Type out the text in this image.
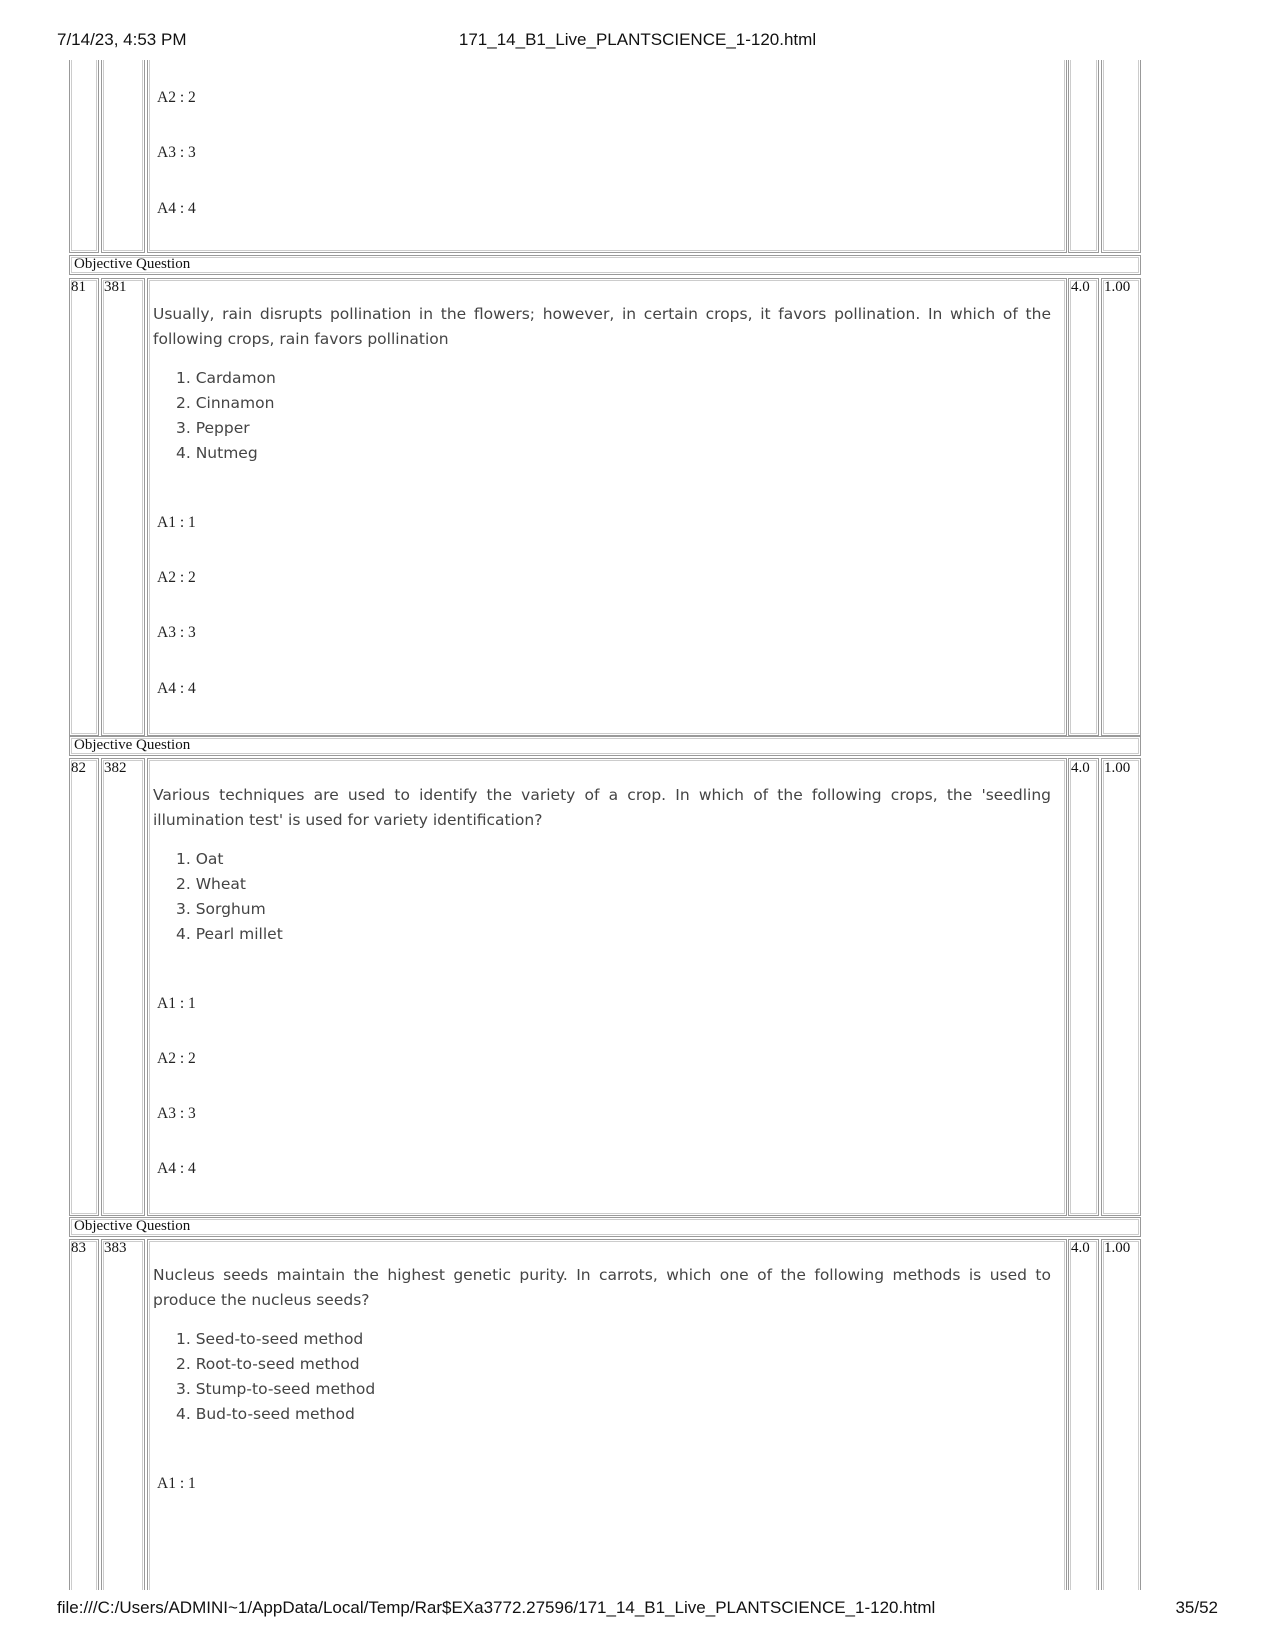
7/14/23, 4:53 PM	171_14_B1_Live_PLANTSCIENCE_1-120.html
A2 : 2
A3 : 3
A4 : 4
Objective Question
81 381
Usually, rain disrupts pollination in the flowers; however, in certain crops, it favors pollination. In which of the following crops, rain favors pollination
1. Cardamon
2. Cinnamon
3. Pepper
4. Nutmeg
A1 : 1
A2 : 2
A3 : 3
A4 : 4
4.0 1.00
Objective Question
82 382
Various techniques are used to identify the variety of a crop. In which of the following crops, the 'seedling illumination test' is used for variety identification?
1. Oat
2. Wheat
3. Sorghum
4. Pearl millet
A1 : 1
A2 : 2
A3 : 3
A4 : 4
4.0 1.00
Objective Question
83 383
Nucleus seeds maintain the highest genetic purity. In carrots, which one of the following methods is used to produce the nucleus seeds?
1. Seed-to-seed method
2. Root-to-seed method
3. Stump-to-seed method
4. Bud-to-seed method
A1 : 1
4.0 1.00
file:///C:/Users/ADMINI~1/AppData/Local/Temp/Rar$EXa3772.27596/171_14_B1_Live_PLANTSCIENCE_1-120.html	35/52
